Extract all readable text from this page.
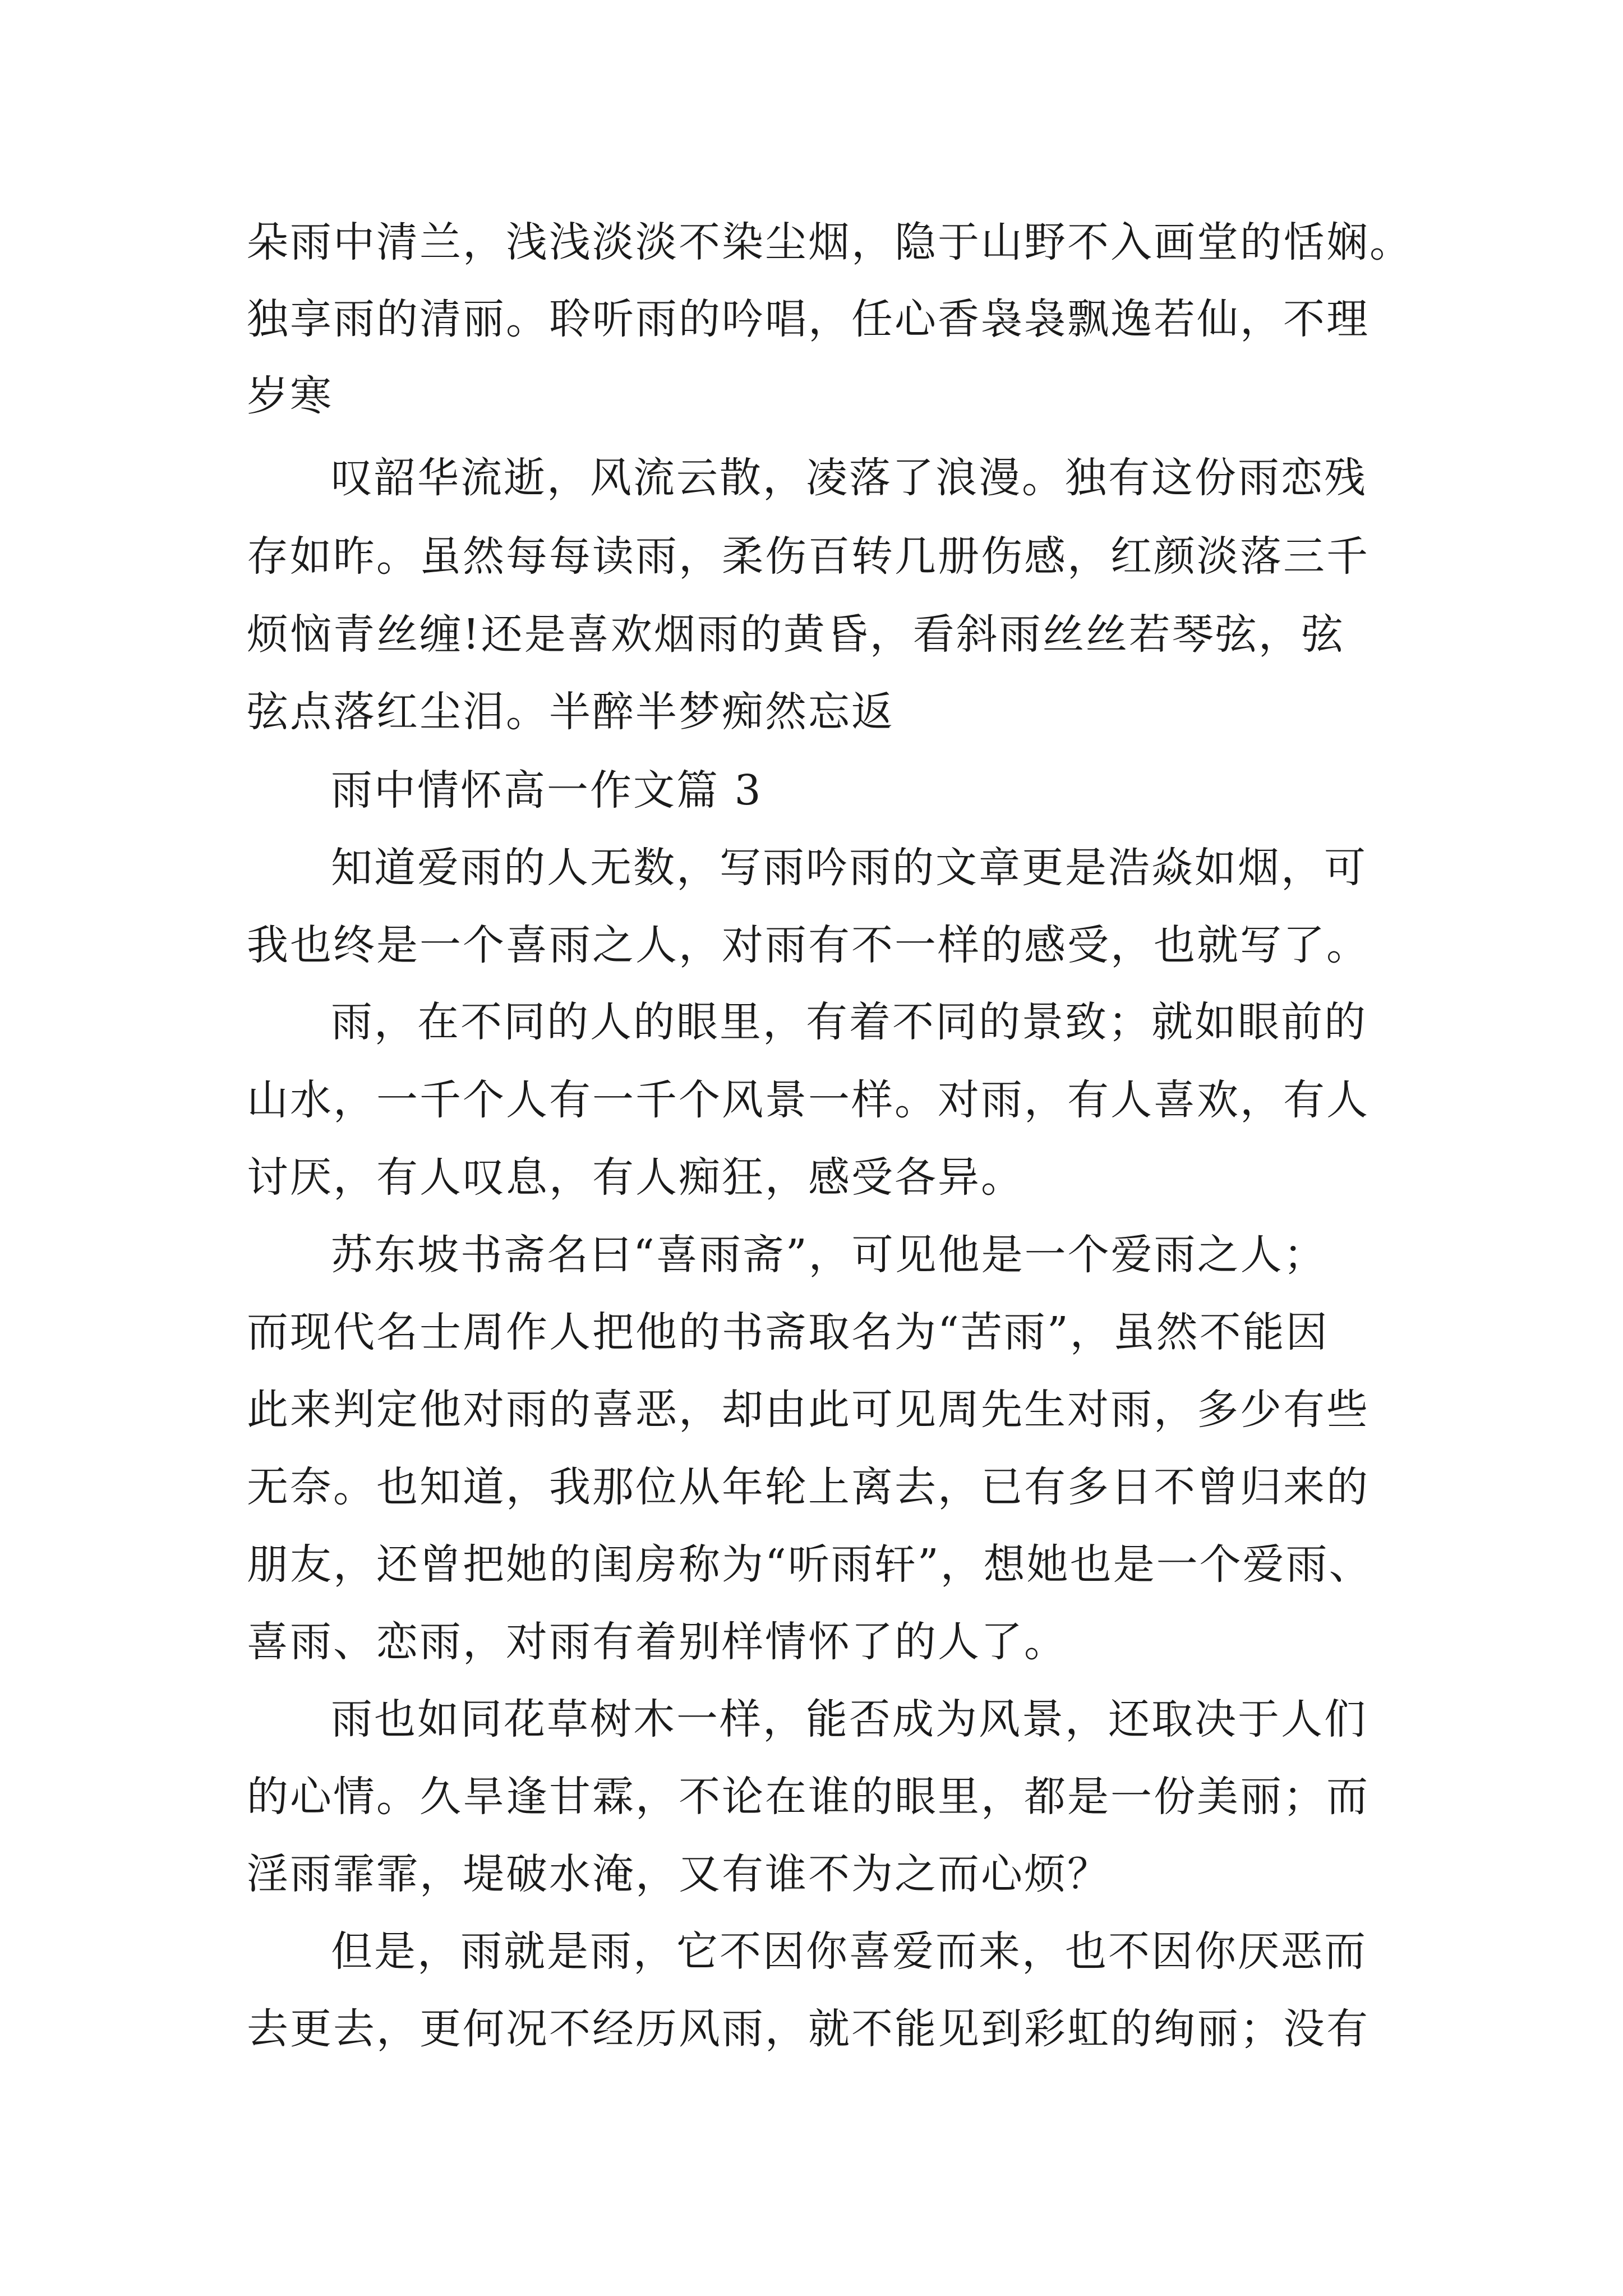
朵雨中清兰，浅浅淡淡不染尘烟，隐于山野不入画堂的恬娴。
独享雨的清丽。聆听雨的吟唱，任心香袅袅飘逸若仙，不理
岁寒
叹韶华流逝，风流云散，凌落了浪漫。独有这份雨恋残
存如昨。虽然每每读雨，柔伤百转几册伤感，红颜淡落三千
烦恼青丝缠!还是喜欢烟雨的黄昏，看斜雨丝丝若琴弦，弦
弦点落红尘泪。半醉半梦痴然忘返
雨中情怀高一作文篇 3
知道爱雨的人无数，写雨吟雨的文章更是浩焱如烟，可
我也终是一个喜雨之人，对雨有不一样的感受，也就写了。
雨，在不同的人的眼里，有着不同的景致；就如眼前的
山水，一千个人有一千个风景一样。对雨，有人喜欢，有人
讨厌，有人叹息，有人痴狂，感受各异。
苏东坡书斋名曰“喜雨斋”，可见他是一个爱雨之人；
而现代名士周作人把他的书斋取名为“苦雨”，虽然不能因
此来判定他对雨的喜恶，却由此可见周先生对雨，多少有些
无奈。也知道，我那位从年轮上离去，已有多日不曾归来的
朋友，还曾把她的闺房称为“听雨轩”，想她也是一个爱雨、
喜雨、恋雨，对雨有着别样情怀了的人了。
雨也如同花草树木一样，能否成为风景，还取决于人们
的心情。久旱逢甘霖，不论在谁的眼里，都是一份美丽；而
淫雨霏霏，堤破水淹，又有谁不为之而心烦？
但是，雨就是雨，它不因你喜爱而来，也不因你厌恶而
去更去，更何况不经历风雨，就不能见到彩虹的绚丽；没有
